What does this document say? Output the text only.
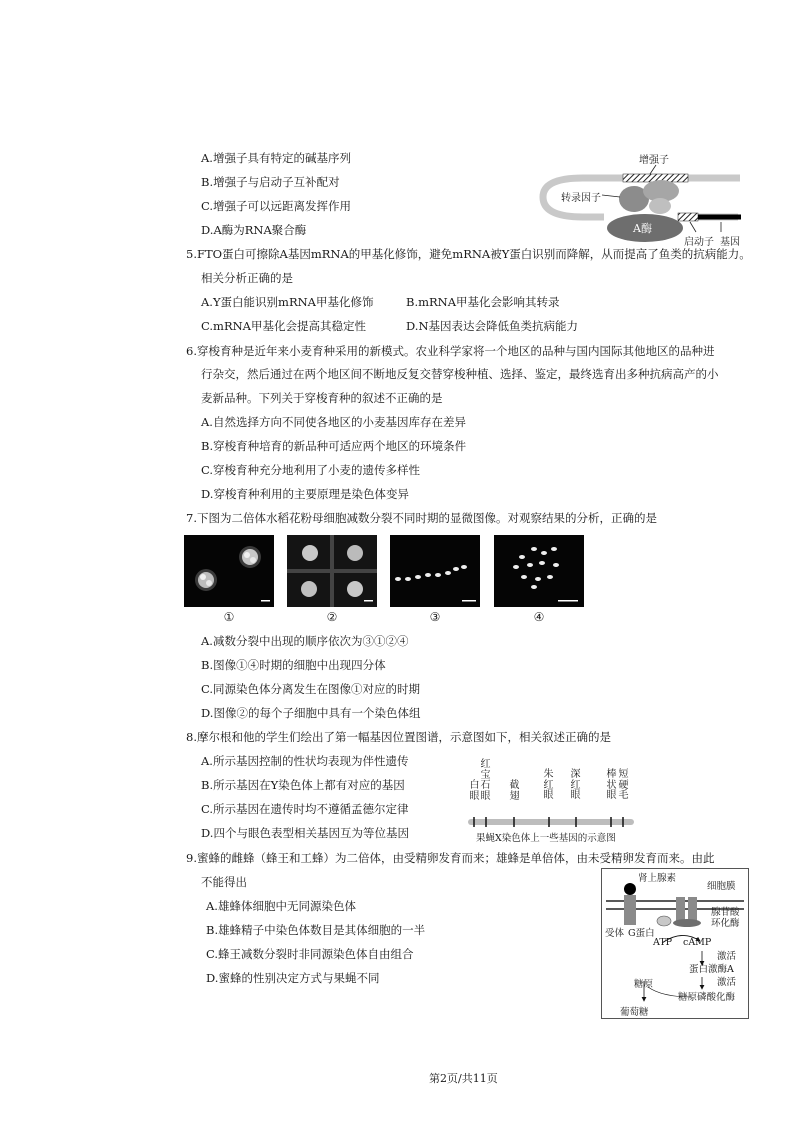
A.增强子具有特定的碱基序列
B.增强子与启动子互补配对
C.增强子可以远距离发挥作用
D.A酶为RNA聚合酶
增强子
转录因子
A酶
启动子 基因
5.FTO蛋白可擦除A基因mRNA的甲基化修饰，避免mRNA被Y蛋白识别而降解，从而提高了鱼类的抗病能力。
相关分析正确的是
A.Y蛋白能识别mRNA甲基化修饰	B.mRNA甲基化会影响其转录
C.mRNA甲基化会提高其稳定性	D.N基因表达会降低鱼类抗病能力
6.穿梭育种是近年来小麦育种采用的新模式。农业科学家将一个地区的品种与国内国际其他地区的品种进
行杂交，然后通过在两个地区间不断地反复交替穿梭种植、选择、鉴定，最终选育出多种抗病高产的小
麦新品种。下列关于穿梭育种的叙述不正确的是
A.自然选择方向不同使各地区的小麦基因库存在差异
B.穿梭育种培育的新品种可适应两个地区的环境条件
C.穿梭育种充分地利用了小麦的遗传多样性
D.穿梭育种利用的主要原理是染色体变异
7.下图为二倍体水稻花粉母细胞减数分裂不同时期的显微图像。对观察结果的分析，正确的是
①	②	③	④
A.减数分裂中出现的顺序依次为③①②④
B.图像①④时期的细胞中出现四分体
C.同源染色体分离发生在图像①对应的时期
D.图像②的每个子细胞中具有一个染色体组
8.摩尔根和他的学生们绘出了第一幅基因位置图谱，示意图如下，相关叙述正确的是
A.所示基因控制的性状均表现为伴性遗传
B.所示基因在Y染色体上都有对应的基因
C.所示基因在遗传时均不遵循孟德尔定律
D.四个与眼色表型相关基因互为等位基因
白眼
红宝石眼
截翅
朱红眼
深红眼
棒状眼
短硬毛
果蝇X染色体上一些基因的示意图
9.蜜蜂的雌蜂（蜂王和工蜂）为二倍体，由受精卵发育而来；雄蜂是单倍体，由未受精卵发育而来。由此
不能得出
A.雄蜂体细胞中无同源染色体
B.雄蜂精子中染色体数目是其体细胞的一半
C.蜂王减数分裂时非同源染色体自由组合
D.蜜蜂的性别决定方式与果蝇不同
肾上腺素
细胞膜
腺苷酸
环化酶
受体 G蛋白
ATP cAMP
激活
蛋白激酶A
激活
糖原
糖原磷酸化酶
葡萄糖
第2页/共11页
